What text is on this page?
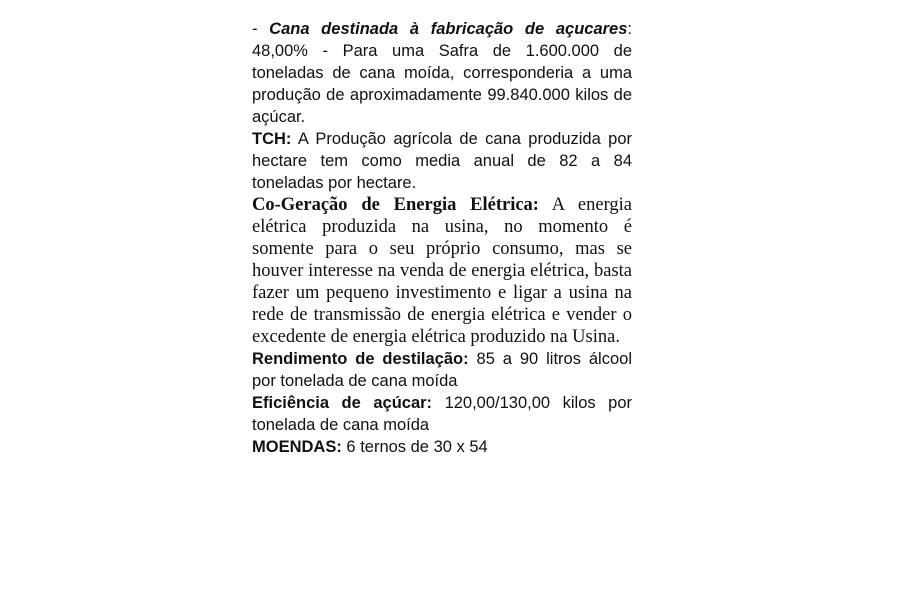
- Cana destinada à fabricação de açucares: 48,00% - Para uma Safra de 1.600.000 de toneladas de cana moída, corresponderia a uma produção de aproximadamente 99.840.000 kilos de açúcar.

TCH: A Produção agrícola de cana produzida por hectare tem como media anual de 82 a 84 toneladas por hectare.

Co-Geração de Energia Elétrica: A energia elétrica produzida na usina, no momento é somente para o seu próprio consumo, mas se houver interesse na venda de energia elétrica, basta fazer um pequeno investimento e ligar a usina na rede de transmissão de energia elétrica e vender o excedente de energia elétrica produzido na Usina.

Rendimento de destilação: 85 a 90 litros álcool por tonelada de cana moída

Eficiência de açúcar: 120,00/130,00 kilos por tonelada de cana moída

MOENDAS: 6 ternos de 30 x 54
